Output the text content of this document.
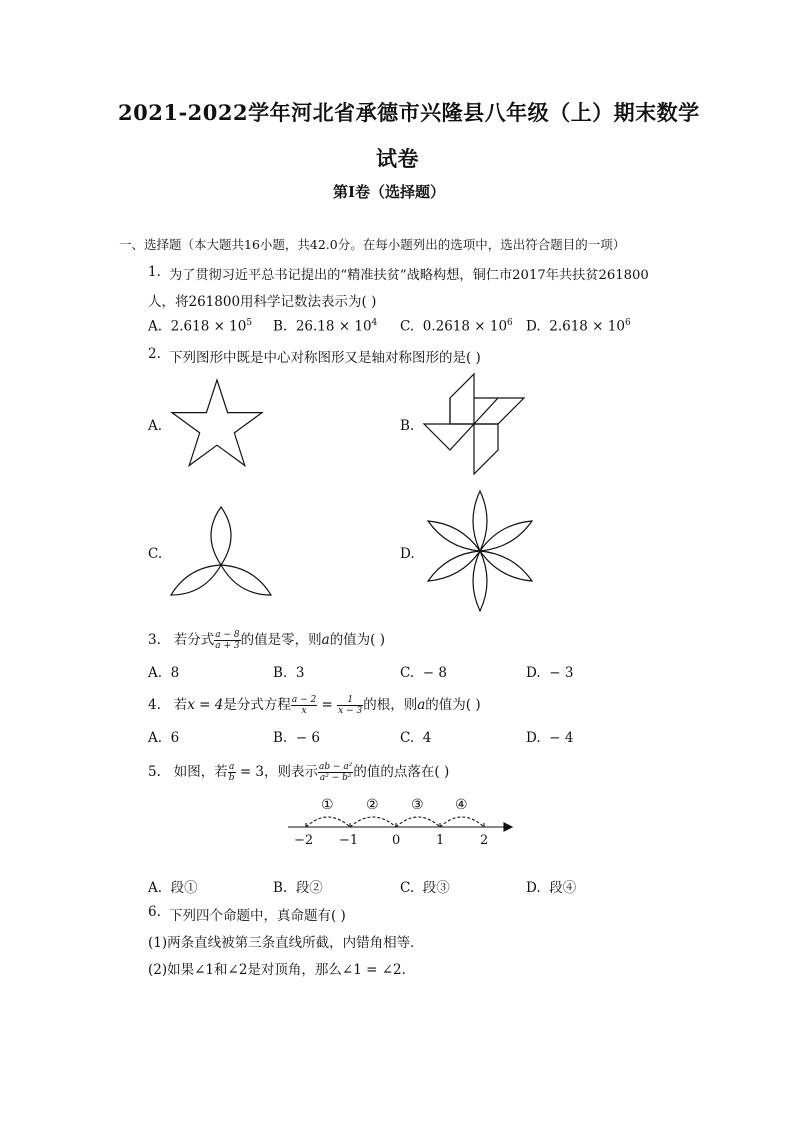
2021-2022学年河北省承德市兴隆县八年级（上）期末数学
试卷
第I卷（选择题）
一、选择题（本大题共16小题，共42.0分。在每小题列出的选项中，选出符合题目的一项）
1. 为了贯彻习近平总书记提出的“精准扶贫”战略构想，铜仁市2017年共扶贫261800
人，将261800用科学记数法表示为( )
A. $2.618 \times 10^5$ B. $26.18 \times 10^4$ C. $0.2618 \times 10^6$ D. $2.618 \times 10^6$
2. 下列图形中既是中心对称图形又是轴对称图形的是( )
A.	B.
C.	D.
3. 若分式 $\frac{a - 8}{a + 3}$ 的值是零，则a的值为( )
A. 8	B. 3	C. − 8	D. − 3
4. 若x = 4是分式方程 $\frac{a - 2}{x} = \frac{1}{x - 3}$ 的根，则a的值为( )
A. 6	B. − 6	C. 4	D. − 4
5. 如图，若 $\frac{a}{b} = 3$，则表示 $\frac{\text{ab − a²}}{\text{a² − b²}}$ 的值的点落在( )
① ② ③ ④
−2 −1	0	1	2
A. 段①	B. 段②	C. 段③	D. 段④
6. 下列四个命题中，真命题有( )
(1)两条直线被第三条直线所截，内错角相等．
(2)如果∠1和∠2是对顶角，那么∠1 = ∠2．
